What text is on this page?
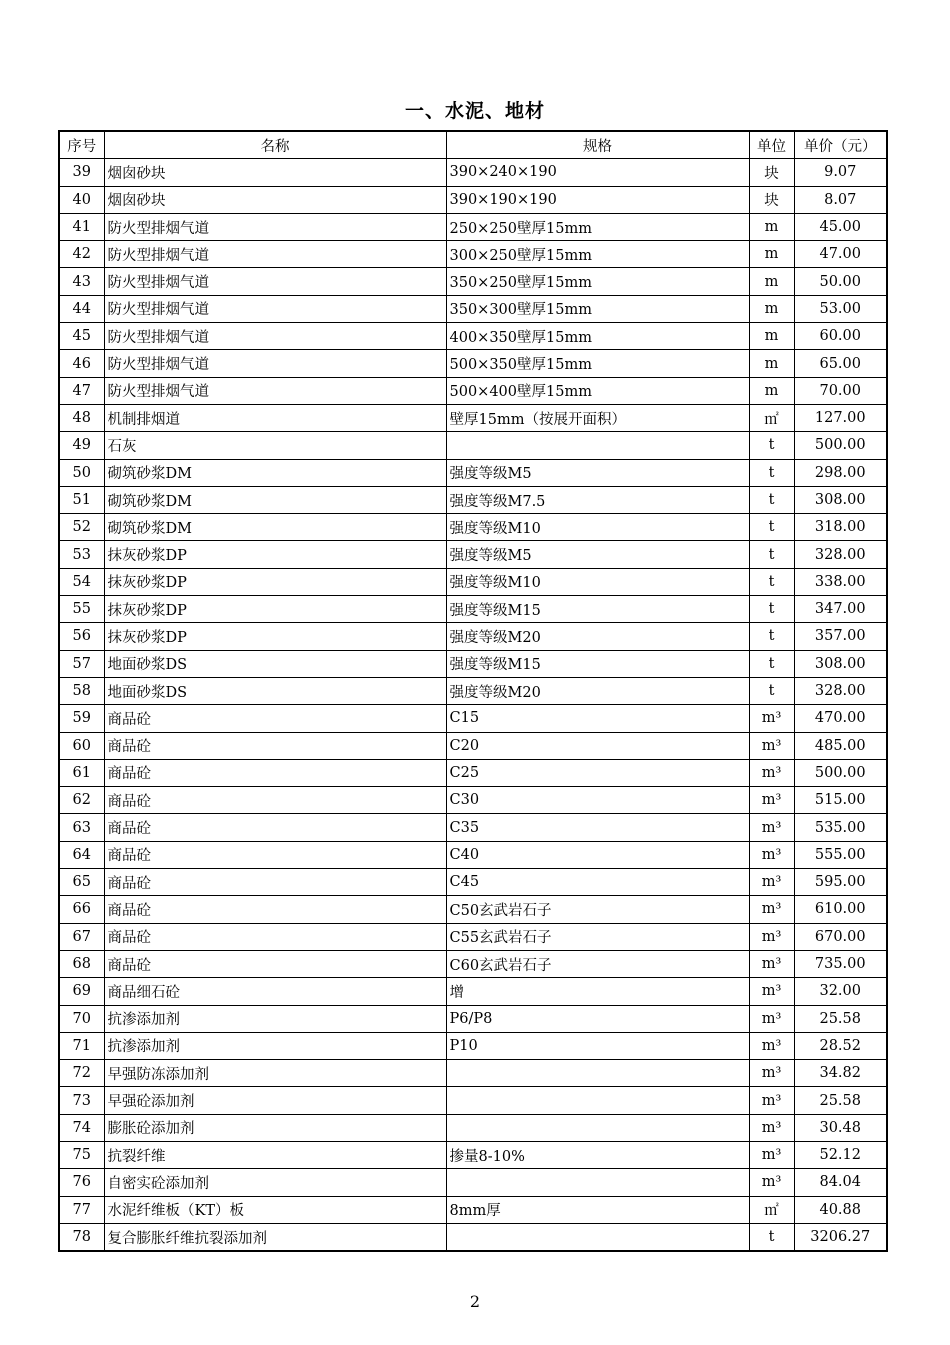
一、水泥、地材
序号	名称	规格	单位	单价（元）
39	烟囱砂块	390×240×190	块	9.07
40	烟囱砂块	390×190×190	块	8.07
41	防火型排烟气道	250×250壁厚15mm	m	45.00
42	防火型排烟气道	300×250壁厚15mm	m	47.00
43	防火型排烟气道	350×250壁厚15mm	m	50.00
44	防火型排烟气道	350×300壁厚15mm	m	53.00
45	防火型排烟气道	400×350壁厚15mm	m	60.00
46	防火型排烟气道	500×350壁厚15mm	m	65.00
47	防火型排烟气道	500×400壁厚15mm	m	70.00
48	机制排烟道	壁厚15mm（按展开面积）	㎡	127.00
49	石灰		t	500.00
50	砌筑砂浆DM	强度等级M5	t	298.00
51	砌筑砂浆DM	强度等级M7.5	t	308.00
52	砌筑砂浆DM	强度等级M10	t	318.00
53	抹灰砂浆DP	强度等级M5	t	328.00
54	抹灰砂浆DP	强度等级M10	t	338.00
55	抹灰砂浆DP	强度等级M15	t	347.00
56	抹灰砂浆DP	强度等级M20	t	357.00
57	地面砂浆DS	强度等级M15	t	308.00
58	地面砂浆DS	强度等级M20	t	328.00
59	商品砼	C15	m³	470.00
60	商品砼	C20	m³	485.00
61	商品砼	C25	m³	500.00
62	商品砼	C30	m³	515.00
63	商品砼	C35	m³	535.00
64	商品砼	C40	m³	555.00
65	商品砼	C45	m³	595.00
66	商品砼	C50玄武岩石子	m³	610.00
67	商品砼	C55玄武岩石子	m³	670.00
68	商品砼	C60玄武岩石子	m³	735.00
69	商品细石砼	增	m³	32.00
70	抗渗添加剂	P6/P8	m³	25.58
71	抗渗添加剂	P10	m³	28.52
72	早强防冻添加剂		m³	34.82
73	早强砼添加剂		m³	25.58
74	膨胀砼添加剂		m³	30.48
75	抗裂纤维	掺量8-10%	m³	52.12
76	自密实砼添加剂		m³	84.04
77	水泥纤维板（KT）板	8mm厚	㎡	40.88
78	复合膨胀纤维抗裂添加剂		t	3206.27
2
